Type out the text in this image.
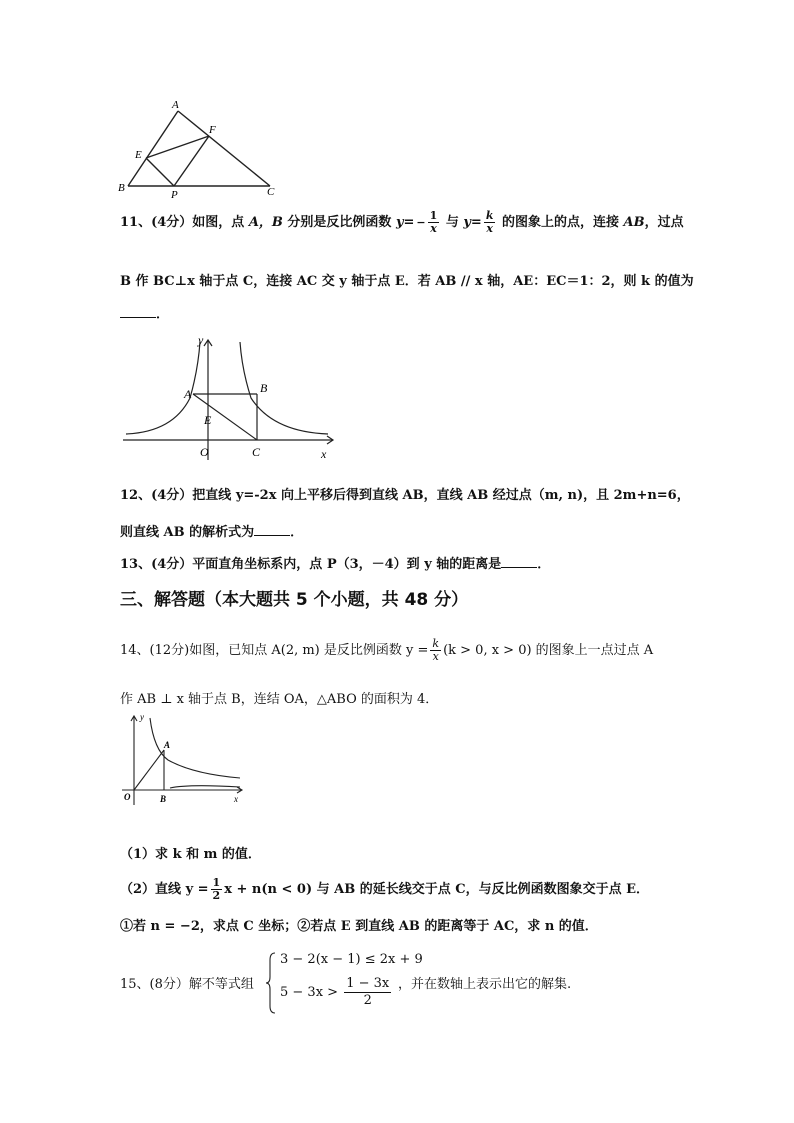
A
F
E
B
P	C
11、(4分）如图，点 A，B 分别是反比例函数 $y= - \frac{1}{x}$ 与 $y= \frac{k}{x}$ 的图象上的点，连接 AB，过点
B 作 BC⊥x 轴于点 C，连接 AC 交 y 轴于点 E．若 AB // x 轴，AE：EC＝1：2，则 k 的值为
．
y
x
A	B
E
O	C
12、(4分）把直线 y=-2x 向上平移后得到直线 AB，直线 AB 经过点（m, n)，且 2m+n=6，
则直线 AB 的解析式为	．
13、(4分）平面直角坐标系内，点 P（3，－4）到 y 轴的距离是	．
三、解答题（本大题共 5 个小题，共 48 分）
14、(12分)如图，已知点 A(2, m) 是反比例函数 $y = \frac{k}{x} (k > 0$, x > 0) 的图象上一点过点 A
作 AB ⊥ x 轴于点 B，连结 OA，△ABO 的面积为 4．
y
A
O	B	x
（1）求 k 和 m 的值．
（2）直线 $y = \frac{1}{2}$ x + n(n < 0) 与 AB 的延长线交于点 C，与反比例函数图象交于点 E．
①若 n = −2，求点 C 坐标；②若点 E 到直线 AB 的距离等于 AC，求 n 的值．
15、(8分）解不等式组
3 − 2(x − 1) ≤ 2x + 9
$5 - 3x > \frac{1 - 3x}{2}$ ，并在数轴上表示出它的解集.
